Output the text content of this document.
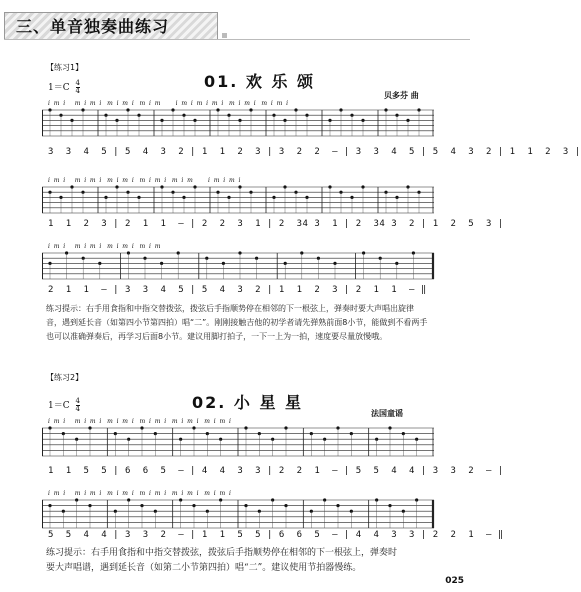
三、单音独奏曲练习
【练习1】
$1=C \frac{4}{4}$	01. 欢 乐 颂
贝多芬 曲
i  m  i     m  i  m  i   m  i  m  i   m  i  m        i  m  i  m  i  m  i   m  i  m  i   m  i  m  i
3  3  4  5 | 5  4  3  2 | 1  1  2  3 | 3  2  2  — | 3  3  4  5 | 5  4  3  2 | 1  1  2  3 |
i  m  i     m  i  m  i   m  i  m  i   m  i  m  i   m  i  m        i  m  i  m  i
1  1  2  3 | 2  1  1  — | 2  2  3  1 | 2  34 3  1 | 2  34 3  2 | 1  2  5  3 |
i  m  i     m  i  m  i   m  i  m  i   m  i  m
2  1  1  — | 3  3  4  5 | 5  4  3  2 | 1  1  2  3 | 2  1  1  — ‖
练习提示：右手用食指和中指交替拨弦，拨弦后手指顺势停在相邻的下一根弦上，弹奏时要大声唱出旋律
音，遇到延长音（如第四小节第四拍）唱“二”。刚刚接触吉他的初学者请先弹熟前面8小节，能做到不看两手
也可以准确弹奏后，再学习后面8小节。建议用脚打拍子，一下一上为一拍，速度要尽量放慢哦。
【练习2】
$1=C \frac{4}{4}$	02. 小 星 星
法国童谣
i  m  i     m  i  m  i   m  i  m  i   m  i  m  i   m  i  m  i   m  i  m  i
1  1  5  5 | 6  6  5  — | 4  4  3  3 | 2  2  1  — | 5  5  4  4 | 3  3  2  — |
i  m  i     m  i  m  i   m  i  m  i   m  i  m  i   m  i  m  i   m  i  m  i
5  5  4  4 | 3  3  2  — | 1  1  5  5 | 6  6  5  — | 4  4  3  3 | 2  2  1  — ‖
练习提示：右手用食指和中指交替拨弦，拨弦后手指顺势停在相邻的下一根弦上，弹奏时
要大声唱谱，遇到延长音（如第二小节第四拍）唱“二”。建议使用节拍器慢练。
025
